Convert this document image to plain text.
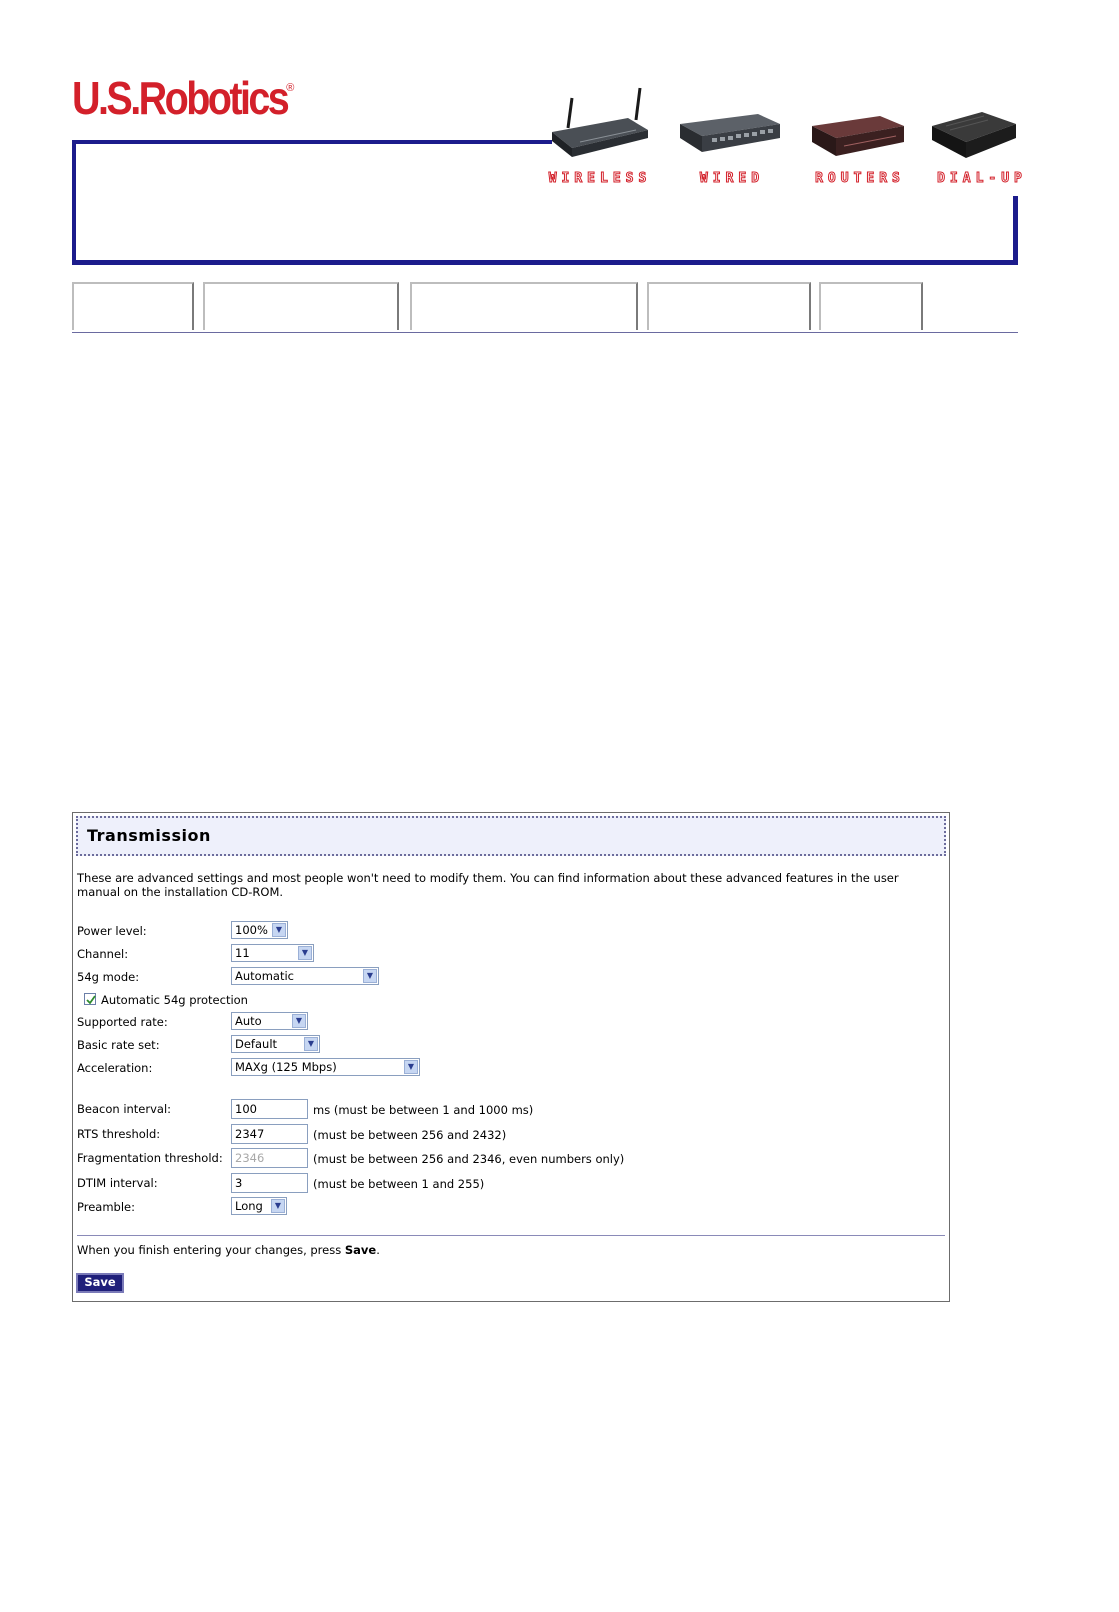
U.S.Robotics ®
WIRELESS	WIRED	ROUTERS	DIAL-UP
Transmission
These are advanced settings and most people won't need to modify them. You can find information about these advanced features in the user manual on the installation CD-ROM.
Power level:	100%	▼
Channel:	11	▼
54g mode:	Automatic	▼
Automatic 54g protection
Supported rate:	Auto	▼
Basic rate set:	Default	▼
Acceleration:	MAXg (125 Mbps)	▼
Beacon interval:	100	ms (must be between 1 and 1000 ms)
RTS threshold:	2347	(must be between 256 and 2432)
Fragmentation threshold:	2346	(must be between 256 and 2346, even numbers only)
DTIM interval:	3	(must be between 1 and 255)
Preamble:	Long	▼
When you finish entering your changes, press Save.
Save
